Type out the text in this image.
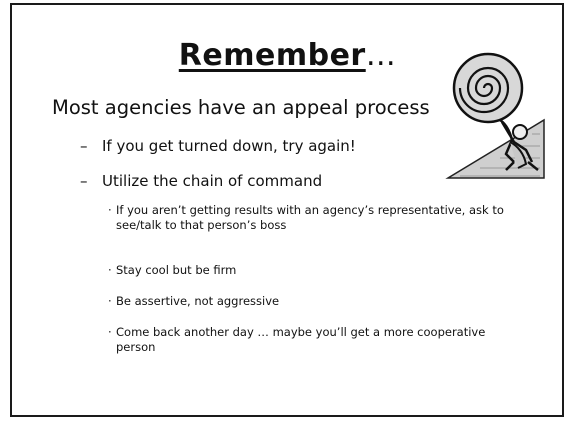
Remember…
Most agencies have an appeal process
– If you get turned down, try again!
– Utilize the chain of command
· If you aren’t getting results with an agency’s representative, ask to see/talk to that person’s boss
· Stay cool but be firm
· Be assertive, not aggressive
· Come back another day … maybe you’ll get a more cooperative person
